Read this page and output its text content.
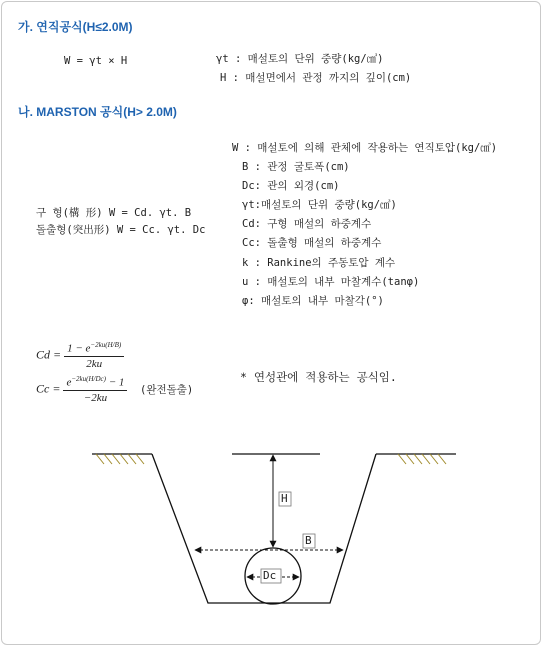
가. 연직공식(H≤2.0M)
W = γt × H	γt : 매설토의 단위 중량(kg/㎤)
H : 매설면에서 관정 까지의 깊이(cm)
나. MARSTON 공식(H> 2.0M)
구 형(構 形) W = Cd. γt. B
돌출형(突出形) W = Cc. γt. Dc
W : 매설토에 의해 관체에 작용하는 연직토압(kg/㎤)
B : 관정 굴토폭(cm)
Dc: 관의 외경(cm)
γt:매설토의 단위 중량(kg/㎤)
Cd: 구형 매설의 하중계수
Cc: 돌출형 매설의 하중계수
k : Rankine의 주동토압 계수
u : 매설토의 내부 마찰계수(tanφ)
φ: 매설토의 내부 마찰각(°)
$Cd = \frac{1 - e^{-2ku(H/B)}}{2ku}$
$Cc = \frac{e^{-2ku(H/Dc)} - 1}{-2ku}$ (완전돌출)
* 연성관에 적용하는 공식임.
H
B
Dc
